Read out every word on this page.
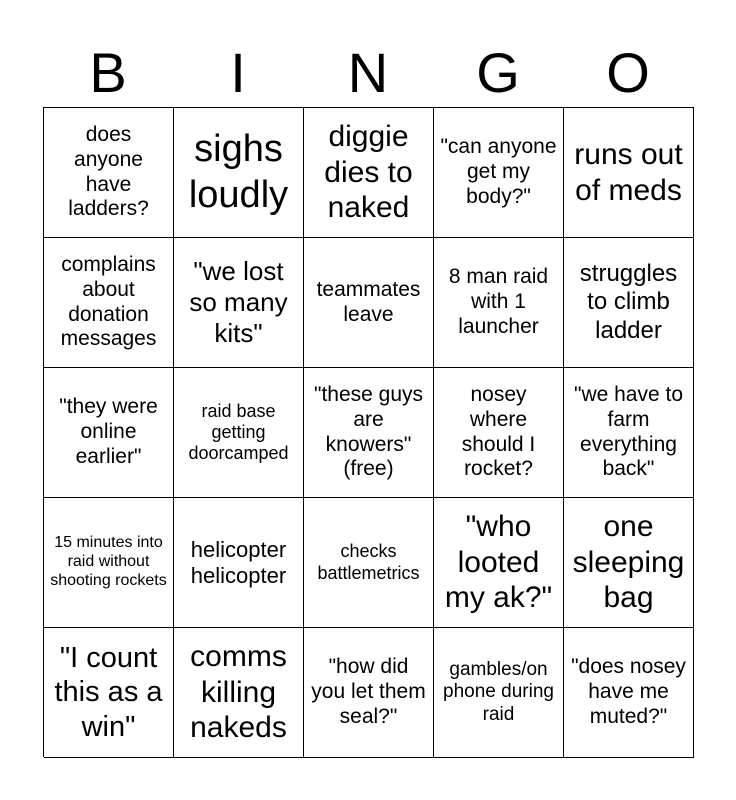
B	I	N	G	O
does anyone have ladders?
sighs loudly
diggie dies to naked
"can anyone get my body?"
runs out of meds
complains about donation messages
"we lost so many kits"
teammates leave
8 man raid with 1 launcher
struggles to climb ladder
"they were online earlier"
raid base getting doorcamped
"these guys are knowers" (free)
nosey where should I rocket?
"we have to farm everything back"
15 minutes into raid without shooting rockets
helicopter helicopter
checks battlemetrics
"who looted my ak?"
one sleeping bag
"I count this as a win"
comms killing nakeds
"how did you let them seal?"
gambles/on phone during raid
"does nosey have me muted?"
